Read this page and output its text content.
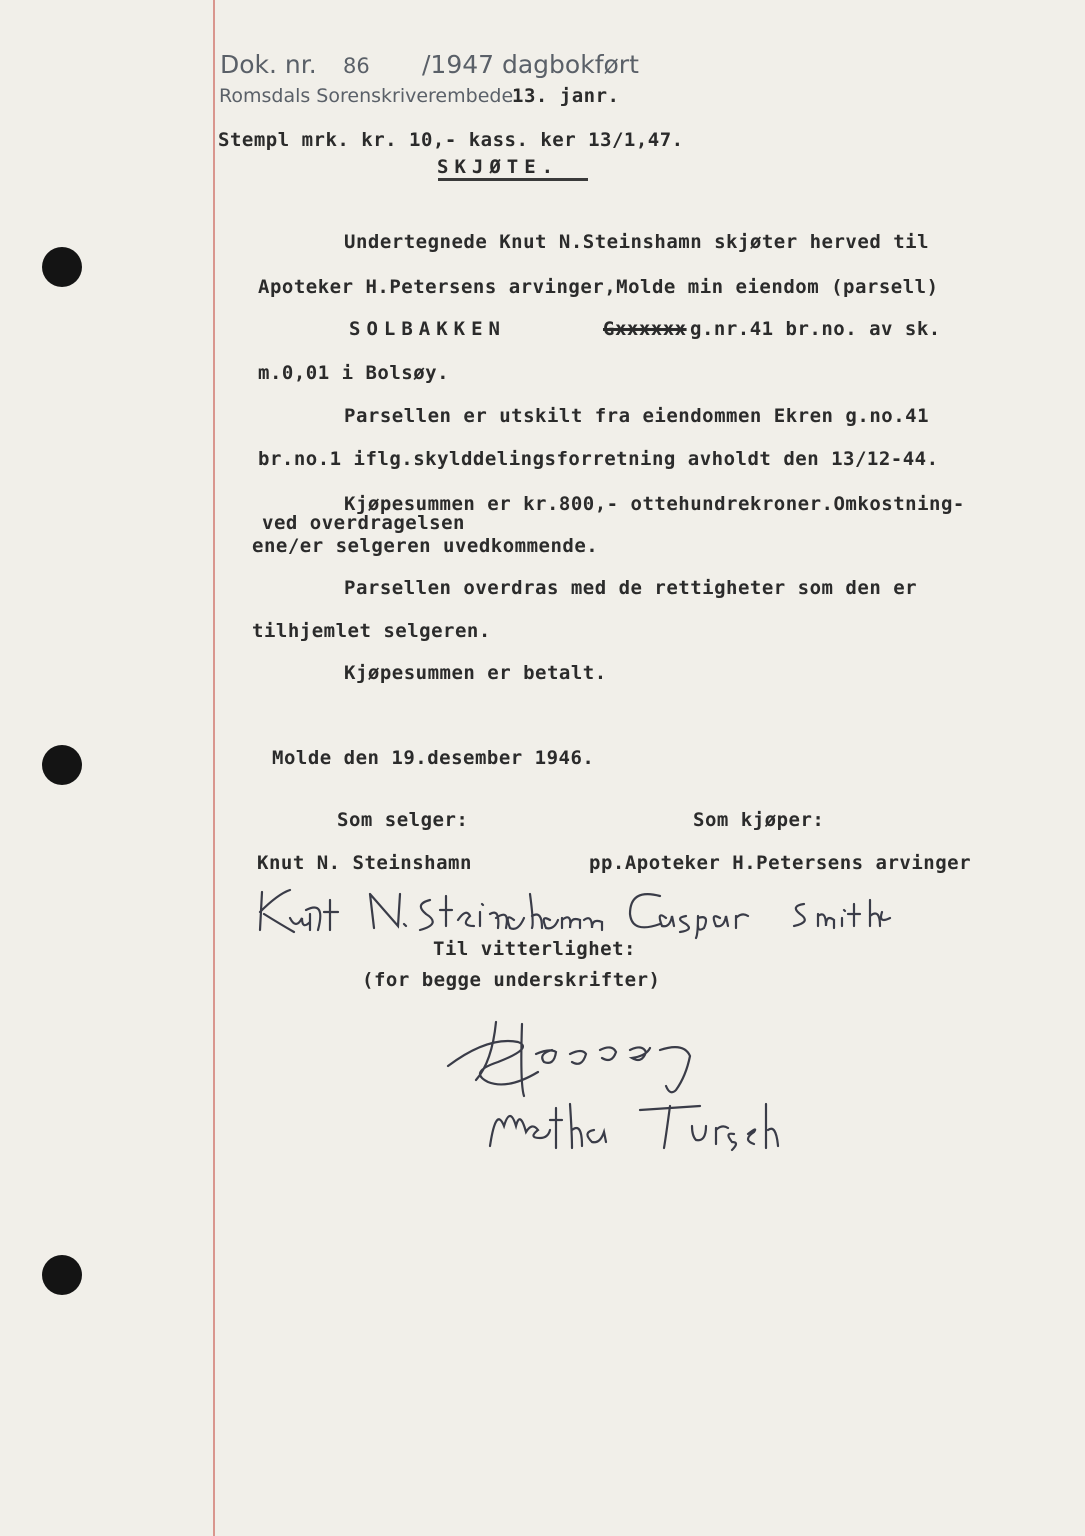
Dok. nr. 86 /1947 dagbokført
Romsdals Sorenskriverembede
13. janr.
Stempl mrk. kr. 10,- kass. ker 13/1,47.
SKJØTE.
Undertegnede Knut N.Steinshamn skjøter herved til
Apoteker H.Petersens arvinger,Molde min eiendom (parsell)
SOLBAKKEN	Gxxxxxx g.nr.41 br.no. av sk.
m.0,01 i Bolsøy.
Parsellen er utskilt fra eiendommen Ekren g.no.41
br.no.1 iflg.skylddelingsforretning avholdt den 13/12-44.
Kjøpesummen er kr.800,- ottehundrekroner.Omkostning-
ved overdragelsen
ene/er selgeren uvedkommende.
Parsellen overdras med de rettigheter som den er
tilhjemlet selgeren.
Kjøpesummen er betalt.
Molde den 19.desember 1946.
Som selger:	Som kjøper:
Knut N. Steinshamn	pp.Apoteker H.Petersens arvinger
Til vitterlighet:
(for begge underskrifter)
